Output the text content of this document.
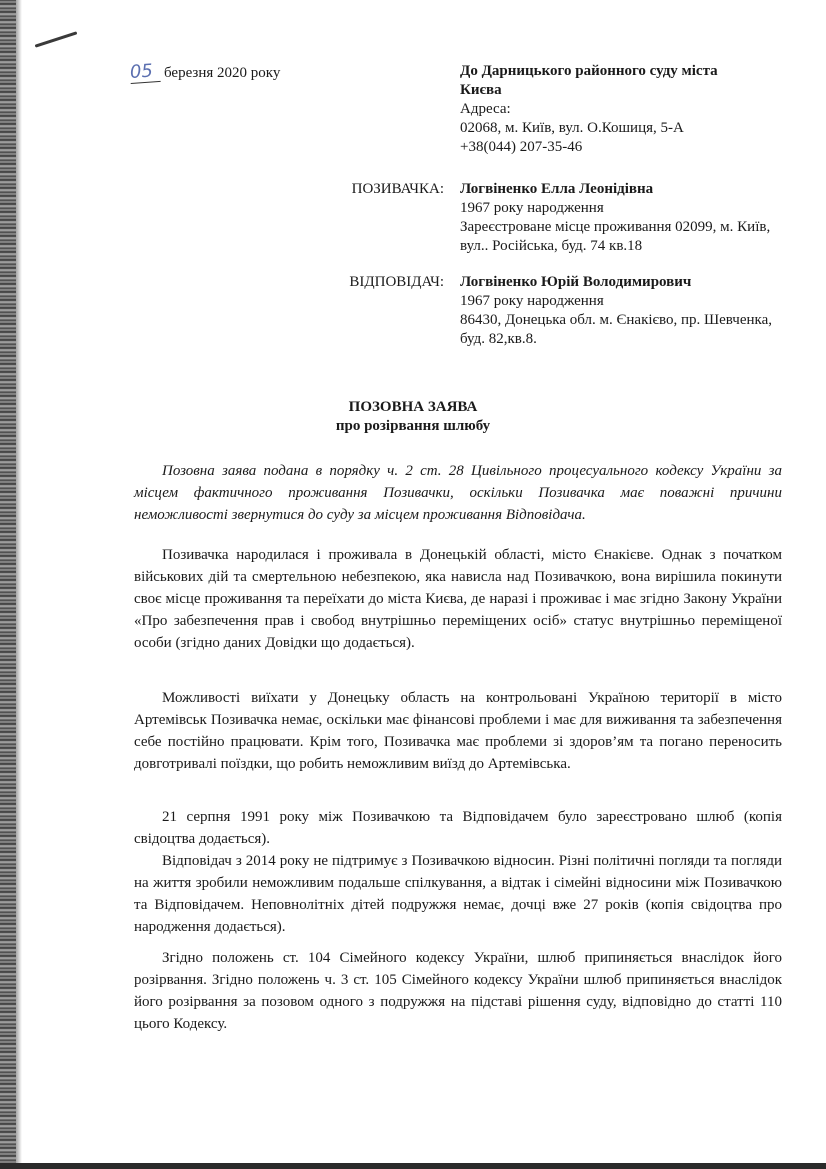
05 березня 2020 року	До Дарницького районного суду міста Києва
Адреса:
02068, м. Київ, вул. О.Кошиця, 5-А
+38(044) 207-35-46
ПОЗИВАЧКА: Логвіненко Елла Леонідівна
1967 року народження
Зареєстроване місце проживання 02099, м. Київ, вул.. Російська, буд. 74 кв.18
ВІДПОВІДАЧ: Логвіненко Юрій Володимирович
1967 року народження
86430, Донецька обл. м. Єнакієво, пр. Шевченка, буд. 82,кв.8.
ПОЗОВНА ЗАЯВА
про розірвання шлюбу

Позовна заява подана в порядку ч. 2 ст. 28 Цивільного процесуального кодексу України за місцем фактичного проживання Позивачки, оскільки Позивачка має поважні причини неможливості звернутися до суду за місцем проживання Відповідача.

Позивачка народилася і проживала в Донецькій області, місто Єнакієве. Однак з початком військових дій та смертельною небезпекою, яка нависла над Позивачкою, вона вирішила покинути своє місце проживання та переїхати до міста Києва, де наразі і проживає і має згідно Закону України «Про забезпечення прав і свобод внутрішньо переміщених осіб» статус внутрішньо переміщеної особи (згідно даних Довідки що додається).

Можливості виїхати у Донецьку область на контрольовані Україною території в місто Артемівськ Позивачка немає, оскільки має фінансові проблеми і має для виживання та забезпечення себе постійно працювати. Крім того, Позивачка має проблеми зі здоров’ям та погано переносить довготривалі поїздки, що робить неможливим виїзд до Артемівська.

21 серпня 1991 року між Позивачкою та Відповідачем було зареєстровано шлюб (копія свідоцтва додається).

Відповідач з 2014 року не підтримує з Позивачкою відносин. Різні політичні погляди та погляди на життя зробили неможливим подальше спілкування, а відтак і сімейні відносини між Позивачкою та Відповідачем. Неповнолітніх дітей подружжя немає, дочці вже 27 років (копія свідоцтва про народження додається).

Згідно положень ст. 104 Сімейного кодексу України, шлюб припиняється внаслідок його розірвання. Згідно положень ч. 3 ст. 105 Сімейного кодексу України шлюб припиняється внаслідок його розірвання за позовом одного з подружжя на підставі рішення суду, відповідно до статті 110 цього Кодексу.
